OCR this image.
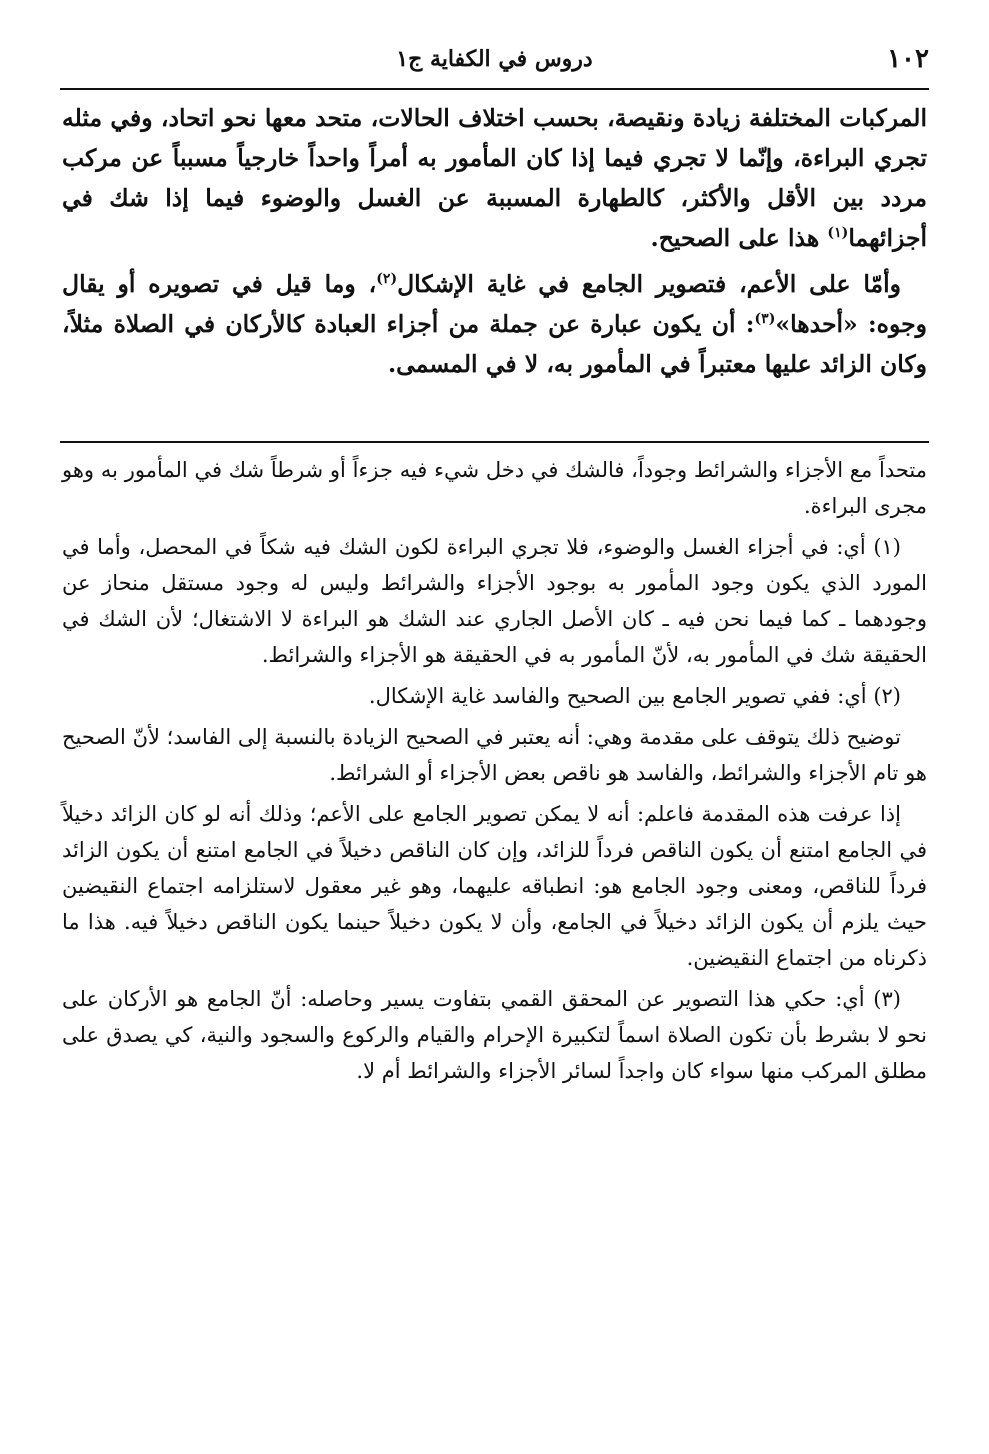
١٠٢
دروس في الكفاية ج١

المركبات المختلفة زيادة ونقيصة، بحسب اختلاف الحالات، متحد معها نحو اتحاد، وفي مثله تجري البراءة، وإنّما لا تجري فيما إذا كان المأمور به أمراً واحداً خارجياً مسبباً عن مركب مردد بين الأقل والأكثر، كالطهارة المسببة عن الغسل والوضوء فيما إذا شك في أجزائهما$^{(١)}$ هذا على الصحيح.

وأمّا على الأعم، فتصوير الجامع في غاية الإشكال$^{(٢)}$، وما قيل في تصويره أو يقال وجوه: «أحدها»$^{(٣)}$: أن يكون عبارة عن جملة من أجزاء العبادة كالأركان في الصلاة مثلاً، وكان الزائد عليها معتبراً في المأمور به، لا في المسمى.

متحداً مع الأجزاء والشرائط وجوداً، فالشك في دخل شيء فيه جزءاً أو شرطاً شك في المأمور به وهو مجرى البراءة.

(١) أي: في أجزاء الغسل والوضوء، فلا تجري البراءة لكون الشك فيه شكاً في المحصل، وأما في المورد الذي يكون وجود المأمور به بوجود الأجزاء والشرائط وليس له وجود مستقل منحاز عن وجودهما ـ كما فيما نحن فيه ـ كان الأصل الجاري عند الشك هو البراءة لا الاشتغال؛ لأن الشك في الحقيقة شك في المأمور به، لأنّ المأمور به في الحقيقة هو الأجزاء والشرائط.

(٢) أي: ففي تصوير الجامع بين الصحيح والفاسد غاية الإشكال.

توضيح ذلك يتوقف على مقدمة وهي: أنه يعتبر في الصحيح الزيادة بالنسبة إلى الفاسد؛ لأنّ الصحيح هو تام الأجزاء والشرائط، والفاسد هو ناقص بعض الأجزاء أو الشرائط.

إذا عرفت هذه المقدمة فاعلم: أنه لا يمكن تصوير الجامع على الأعم؛ وذلك أنه لو كان الزائد دخيلاً في الجامع امتنع أن يكون الناقص فرداً للزائد، وإن كان الناقص دخيلاً في الجامع امتنع أن يكون الزائد فرداً للناقص، ومعنى وجود الجامع هو: انطباقه عليهما، وهو غير معقول لاستلزامه اجتماع النقيضين حيث يلزم أن يكون الزائد دخيلاً في الجامع، وأن لا يكون دخيلاً حينما يكون الناقص دخيلاً فيه. هذا ما ذكرناه من اجتماع النقيضين.

(٣) أي: حكي هذا التصوير عن المحقق القمي بتفاوت يسير وحاصله: أنّ الجامع هو الأركان على نحو لا بشرط بأن تكون الصلاة اسماً لتكبيرة الإحرام والقيام والركوع والسجود والنية، كي يصدق على مطلق المركب منها سواء كان واجداً لسائر الأجزاء والشرائط أم لا.
